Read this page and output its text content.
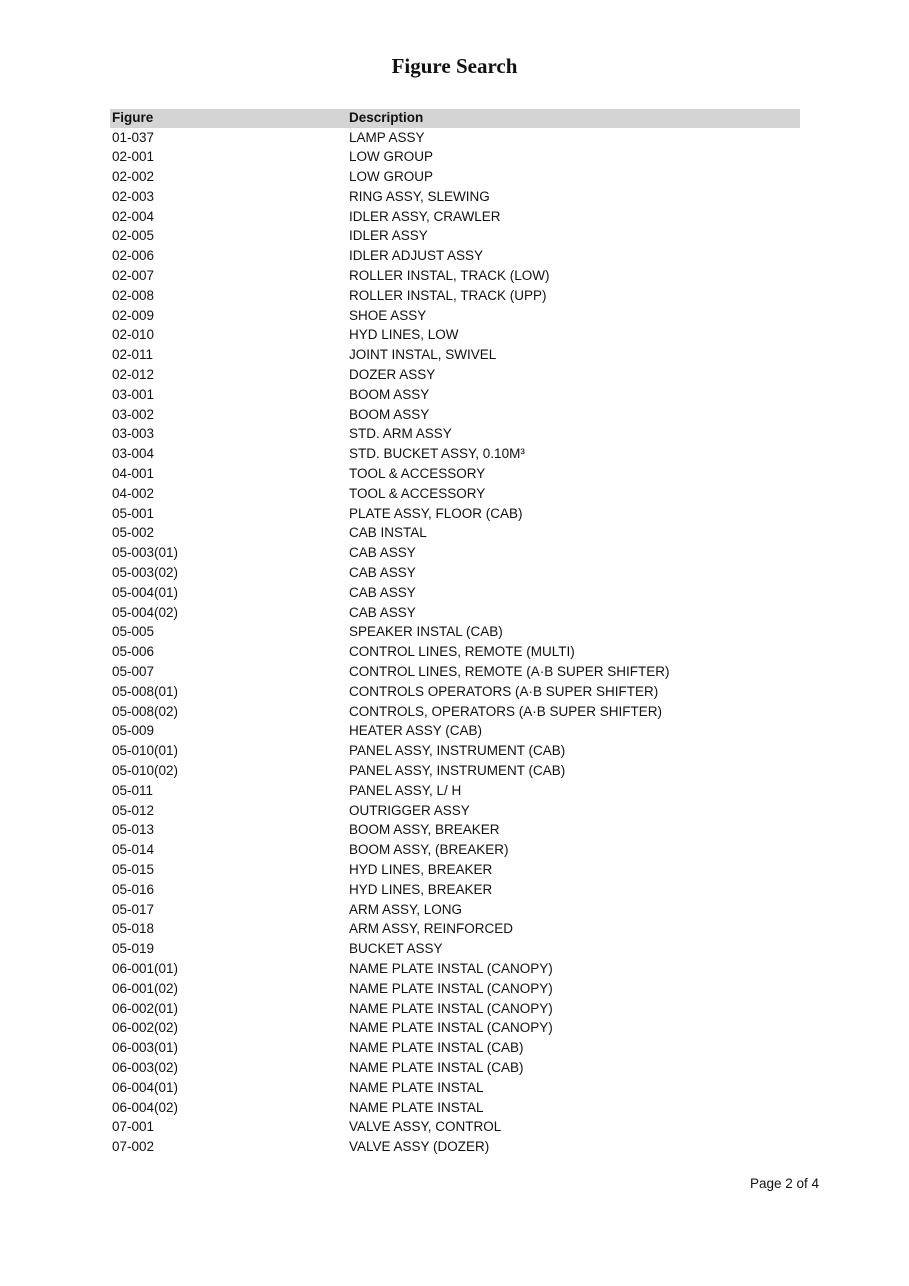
Figure Search
Figure	Description
01-037	LAMP ASSY
02-001	LOW GROUP
02-002	LOW GROUP
02-003	RING ASSY, SLEWING
02-004	IDLER ASSY, CRAWLER
02-005	IDLER ASSY
02-006	IDLER ADJUST ASSY
02-007	ROLLER INSTAL, TRACK (LOW)
02-008	ROLLER INSTAL, TRACK (UPP)
02-009	SHOE ASSY
02-010	HYD LINES, LOW
02-011	JOINT INSTAL, SWIVEL
02-012	DOZER ASSY
03-001	BOOM ASSY
03-002	BOOM ASSY
03-003	STD. ARM ASSY
03-004	STD. BUCKET ASSY, 0.10M³
04-001	TOOL & ACCESSORY
04-002	TOOL & ACCESSORY
05-001	PLATE ASSY, FLOOR (CAB)
05-002	CAB INSTAL
05-003(01)	CAB ASSY
05-003(02)	CAB ASSY
05-004(01)	CAB ASSY
05-004(02)	CAB ASSY
05-005	SPEAKER INSTAL (CAB)
05-006	CONTROL LINES, REMOTE (MULTI)
05-007	CONTROL LINES, REMOTE (A·B SUPER SHIFTER)
05-008(01)	CONTROLS OPERATORS (A·B SUPER SHIFTER)
05-008(02)	CONTROLS, OPERATORS (A·B SUPER SHIFTER)
05-009	HEATER ASSY (CAB)
05-010(01)	PANEL ASSY, INSTRUMENT (CAB)
05-010(02)	PANEL ASSY, INSTRUMENT (CAB)
05-011	PANEL ASSY, L/ H
05-012	OUTRIGGER ASSY
05-013	BOOM ASSY, BREAKER
05-014	BOOM ASSY, (BREAKER)
05-015	HYD LINES, BREAKER
05-016	HYD LINES, BREAKER
05-017	ARM ASSY, LONG
05-018	ARM ASSY, REINFORCED
05-019	BUCKET ASSY
06-001(01)	NAME PLATE INSTAL (CANOPY)
06-001(02)	NAME PLATE INSTAL (CANOPY)
06-002(01)	NAME PLATE INSTAL (CANOPY)
06-002(02)	NAME PLATE INSTAL (CANOPY)
06-003(01)	NAME PLATE INSTAL (CAB)
06-003(02)	NAME PLATE INSTAL (CAB)
06-004(01)	NAME PLATE INSTAL
06-004(02)	NAME PLATE INSTAL
07-001	VALVE ASSY, CONTROL
07-002	VALVE ASSY (DOZER)
Page 2 of 4
